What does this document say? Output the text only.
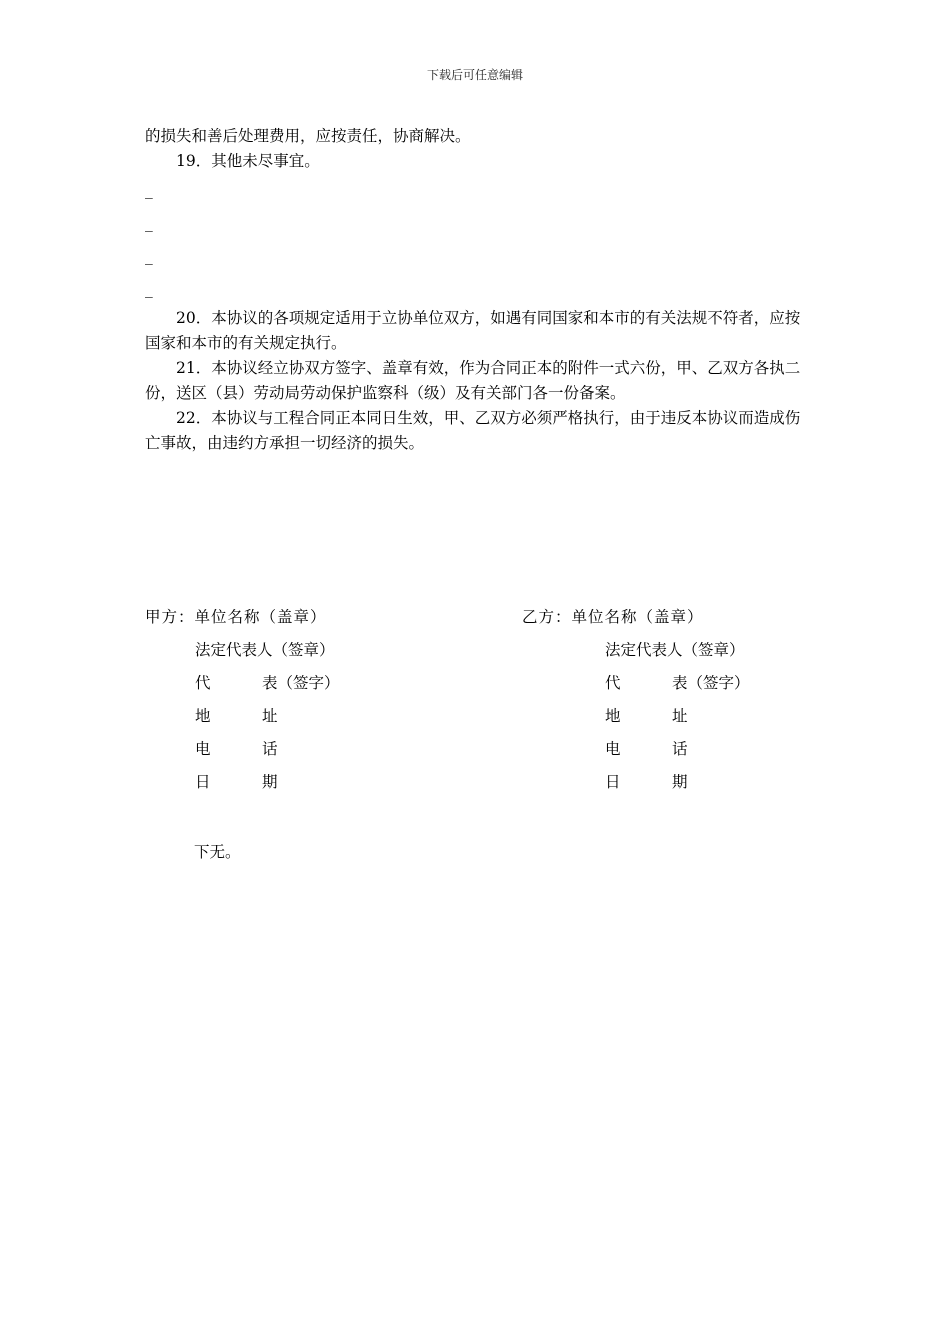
下载后可任意编辑

的损失和善后处理费用，应按责任，协商解决。

19．其他未尽事宜。

_

_

_

_

20．本协议的各项规定适用于立协单位双方，如遇有同国家和本市的有关法规不符者，应按国家和本市的有关规定执行。

21．本协议经立协双方签字、盖章有效，作为合同正本的附件一式六份，甲、乙双方各执二份，送区（县）劳动局劳动保护监察科（级）及有关部门各一份备案。

22．本协议与工程合同正本同日生效，甲、乙双方必须严格执行，由于违反本协议而造成伤亡事故，由违约方承担一切经济的损失。

甲方：单位名称（盖章）
法定代表人（签章）
代	表（签字）
地	址
电	话
日	期
乙方：单位名称（盖章）
法定代表人（签章）
代	表（签字）
地	址
电	话
日	期
下无。
